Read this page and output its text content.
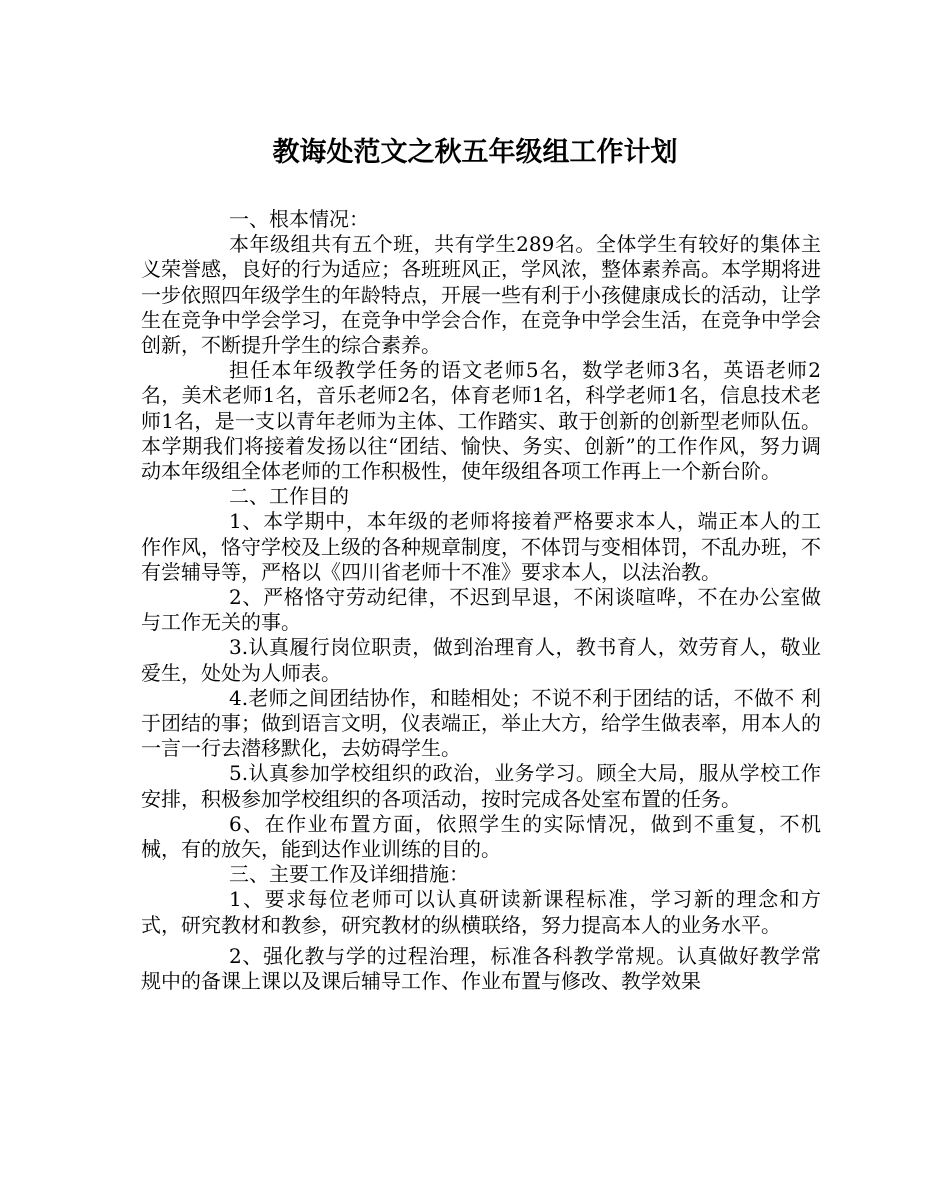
教诲处范文之秋五年级组工作计划

一、根本情况：

本年级组共有五个班，共有学生289名。全体学生有较好的集体主义荣誉感，良好的行为适应；各班班风正，学风浓，整体素养高。本学期将进一步依照四年级学生的年龄特点，开展一些有利于小孩健康成长的活动，让学生在竞争中学会学习，在竞争中学会合作，在竞争中学会生活，在竞争中学会创新，不断提升学生的综合素养。

担任本年级教学任务的语文老师5名，数学老师3名，英语老师2名，美术老师1名，音乐老师2名，体育老师1名，科学老师1名，信息技术老师1名，是一支以青年老师为主体、工作踏实、敢于创新的创新型老师队伍。本学期我们将接着发扬以往“团结、愉快、务实、创新”的工作作风，努力调动本年级组全体老师的工作积极性，使年级组各项工作再上一个新台阶。

二、工作目的

1、本学期中，本年级的老师将接着严格要求本人，端正本人的工作作风，恪守学校及上级的各种规章制度，不体罚与变相体罚，不乱办班，不有尝辅导等，严格以《四川省老师十不准》要求本人，以法治教。

2、严格恪守劳动纪律，不迟到早退，不闲谈喧哗，不在办公室做与工作无关的事。

3.认真履行岗位职责，做到治理育人，教书育人，效劳育人，敬业爱生，处处为人师表。

4.老师之间团结协作，和睦相处；不说不利于团结的话，不做不 利于团结的事；做到语言文明，仪表端正，举止大方，给学生做表率，用本人的一言一行去潜移默化，去妨碍学生。

5.认真参加学校组织的政治，业务学习。顾全大局，服从学校工作安排，积极参加学校组织的各项活动，按时完成各处室布置的任务。

6、在作业布置方面，依照学生的实际情况，做到不重复，不机械，有的放矢，能到达作业训练的目的。

三、主要工作及详细措施：

1、要求每位老师可以认真研读新课程标准，学习新的理念和方式，研究教材和教参，研究教材的纵横联络，努力提高本人的业务水平。

2、强化教与学的过程治理，标准各科教学常规。认真做好教学常规中的备课上课以及课后辅导工作、作业布置与修改、教学效果
